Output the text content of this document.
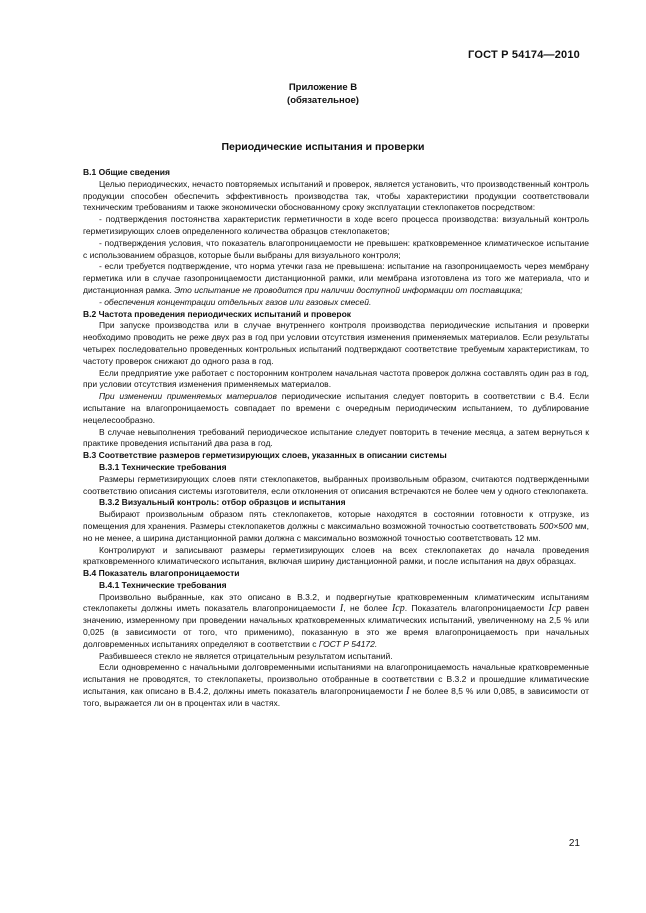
ГОСТ Р 54174—2010
Приложение В
(обязательное)
Периодические испытания и проверки

В.1 Общие сведения

Целью периодических, нечасто повторяемых испытаний и проверок, является установить, что производственный контроль продукции способен обеспечить эффективность производства так, чтобы характеристики продукции соответствовали техническим требованиям и также экономически обоснованному сроку эксплуатации стеклопакетов посредством:

- подтверждения постоянства характеристик герметичности в ходе всего процесса производства: визуальный контроль герметизирующих слоев определенного количества образцов стеклопакетов;

- подтверждения условия, что показатель влагопроницаемости не превышен: кратковременное климатическое испытание с использованием образцов, которые были выбраны для визуального контроля;

- если требуется подтверждение, что норма утечки газа не превышена: испытание на газопроницаемость через мембрану герметика или в случае газопроницаемости дистанционной рамки, или мембрана изготовлена из того же материала, что и дистанционная рамка. Это испытание не проводится при наличии доступной информации от поставщика;

- обеспечения концентрации отдельных газов или газовых смесей.

В.2 Частота проведения периодических испытаний и проверок

При запуске производства или в случае внутреннего контроля производства периодические испытания и проверки необходимо проводить не реже двух раз в год при условии отсутствия изменения применяемых материалов. Если результаты четырех последовательно проведенных контрольных испытаний подтверждают соответствие требуемым характеристикам, то частоту проверок снижают до одного раза в год.

Если предприятие уже работает с посторонним контролем начальная частота проверок должна составлять один раз в год, при условии отсутствия изменения применяемых материалов.

При изменении применяемых материалов периодические испытания следует повторить в соответствии с В.4. Если испытание на влагопроницаемость совпадает по времени с очередным периодическим испытанием, то дублирование нецелесообразно.

В случае невыполнения требований периодическое испытание следует повторить в течение месяца, а затем вернуться к практике проведения испытаний два раза в год.

В.3 Соответствие размеров герметизирующих слоев, указанных в описании системы

В.3.1 Технические требования

Размеры герметизирующих слоев пяти стеклопакетов, выбранных произвольным образом, считаются подтвержденными соответствию описания системы изготовителя, если отклонения от описания встречаются не более чем у одного стеклопакета.

В.3.2 Визуальный контроль: отбор образцов и испытания

Выбирают произвольным образом пять стеклопакетов, которые находятся в состоянии готовности к отгрузке, из помещения для хранения. Размеры стеклопакетов должны с максимально возможной точностью соответствовать 500×500 мм, но не менее, а ширина дистанционной рамки должна с максимально возможной точностью соответствовать 12 мм.

Контролируют и записывают размеры герметизирующих слоев на всех стеклопакетах до начала проведения кратковременного климатического испытания, включая ширину дистанционной рамки, и после испытания на двух образцах.

В.4 Показатель влагопроницаемости

В.4.1 Технические требования

Произвольно выбранные, как это описано в В.3.2, и подвергнутые кратковременным климатическим испытаниям стеклопакеты должны иметь показатель влагопроницаемости I, не более Icp. Показатель влагопроницаемости Icp равен значению, измеренному при проведении начальных кратковременных климатических испытаний, увеличенному на 2,5 % или 0,025 (в зависимости от того, что применимо), показанную в это же время влагопроницаемость при начальных долговременных испытаниях определяют в соответствии с ГОСТ Р 54172.

Разбившееся стекло не является отрицательным результатом испытаний.

Если одновременно с начальными долговременными испытаниями на влагопроницаемость начальные кратковременные испытания не проводятся, то стеклопакеты, произвольно отобранные в соответствии с В.3.2 и прошедшие климатические испытания, как описано в В.4.2, должны иметь показатель влагопроницаемости I не более 8,5 % или 0,085, в зависимости от того, выражается ли он в процентах или в частях.

21
